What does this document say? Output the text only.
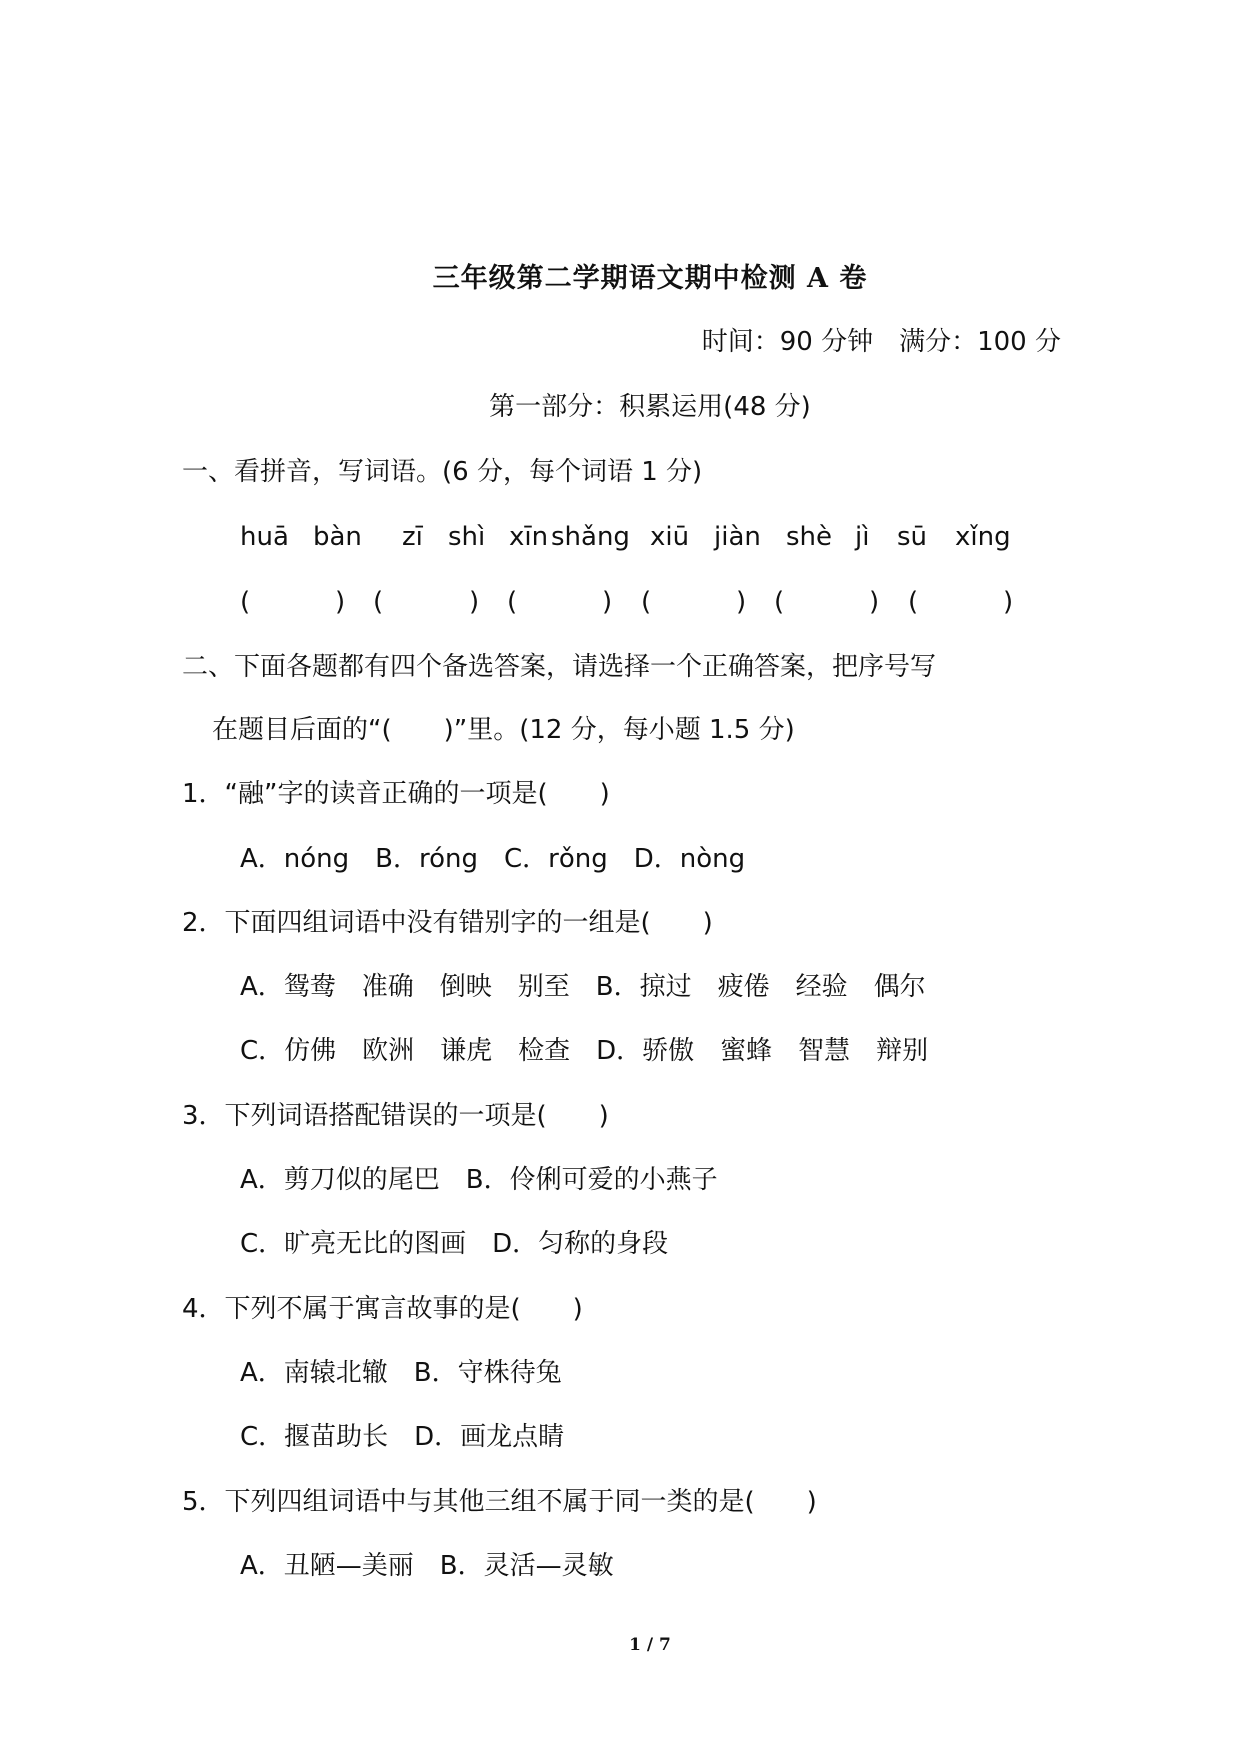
三年级第二学期语文期中检测 A 卷
时间：90 分钟　满分：100 分
第一部分：积累运用(48 分)
一、看拼音，写词语。(6 分，每个词语 1 分)
huā bàn zī shì xīn shǎng xiū jiàn shè jì sū xǐng
(	) (	) (	) (	) (	) (	)
二、下面各题都有四个备选答案，请选择一个正确答案，把序号写
在题目后面的“(　　)”里。(12 分，每小题 1.5 分)
1．“融”字的读音正确的一项是(　　)
A．nóng　B．róng　C．rǒng　D．nòng
2．下面四组词语中没有错别字的一组是(　　)
A．鸳鸯　准确　倒映　别至　B．掠过　疲倦　经验　偶尔
C．仿佛　欧洲　谦虎　检查　D．骄傲　蜜蜂　智慧　辩别
3．下列词语搭配错误的一项是(　　)
A．剪刀似的尾巴　B．伶俐可爱的小燕子
C．旷亮无比的图画　D．匀称的身段
4．下列不属于寓言故事的是(　　)
A．南辕北辙　B．守株待兔
C．揠苗助长　D．画龙点睛
5．下列四组词语中与其他三组不属于同一类的是(　　)
A．丑陋—美丽　B．灵活—灵敏
1 / 7
